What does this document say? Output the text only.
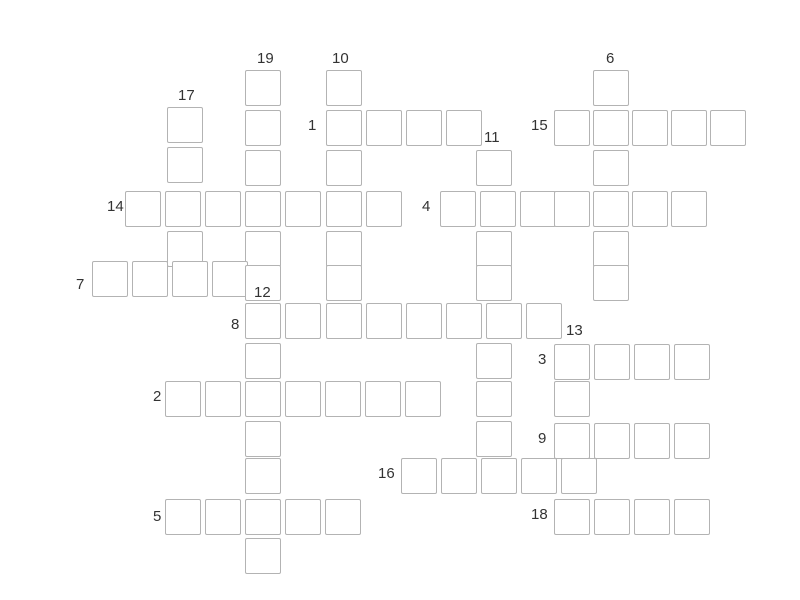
1
2
3
4
5
6
7
8
9
10
11
12
13
14
15
16
17
18
19
